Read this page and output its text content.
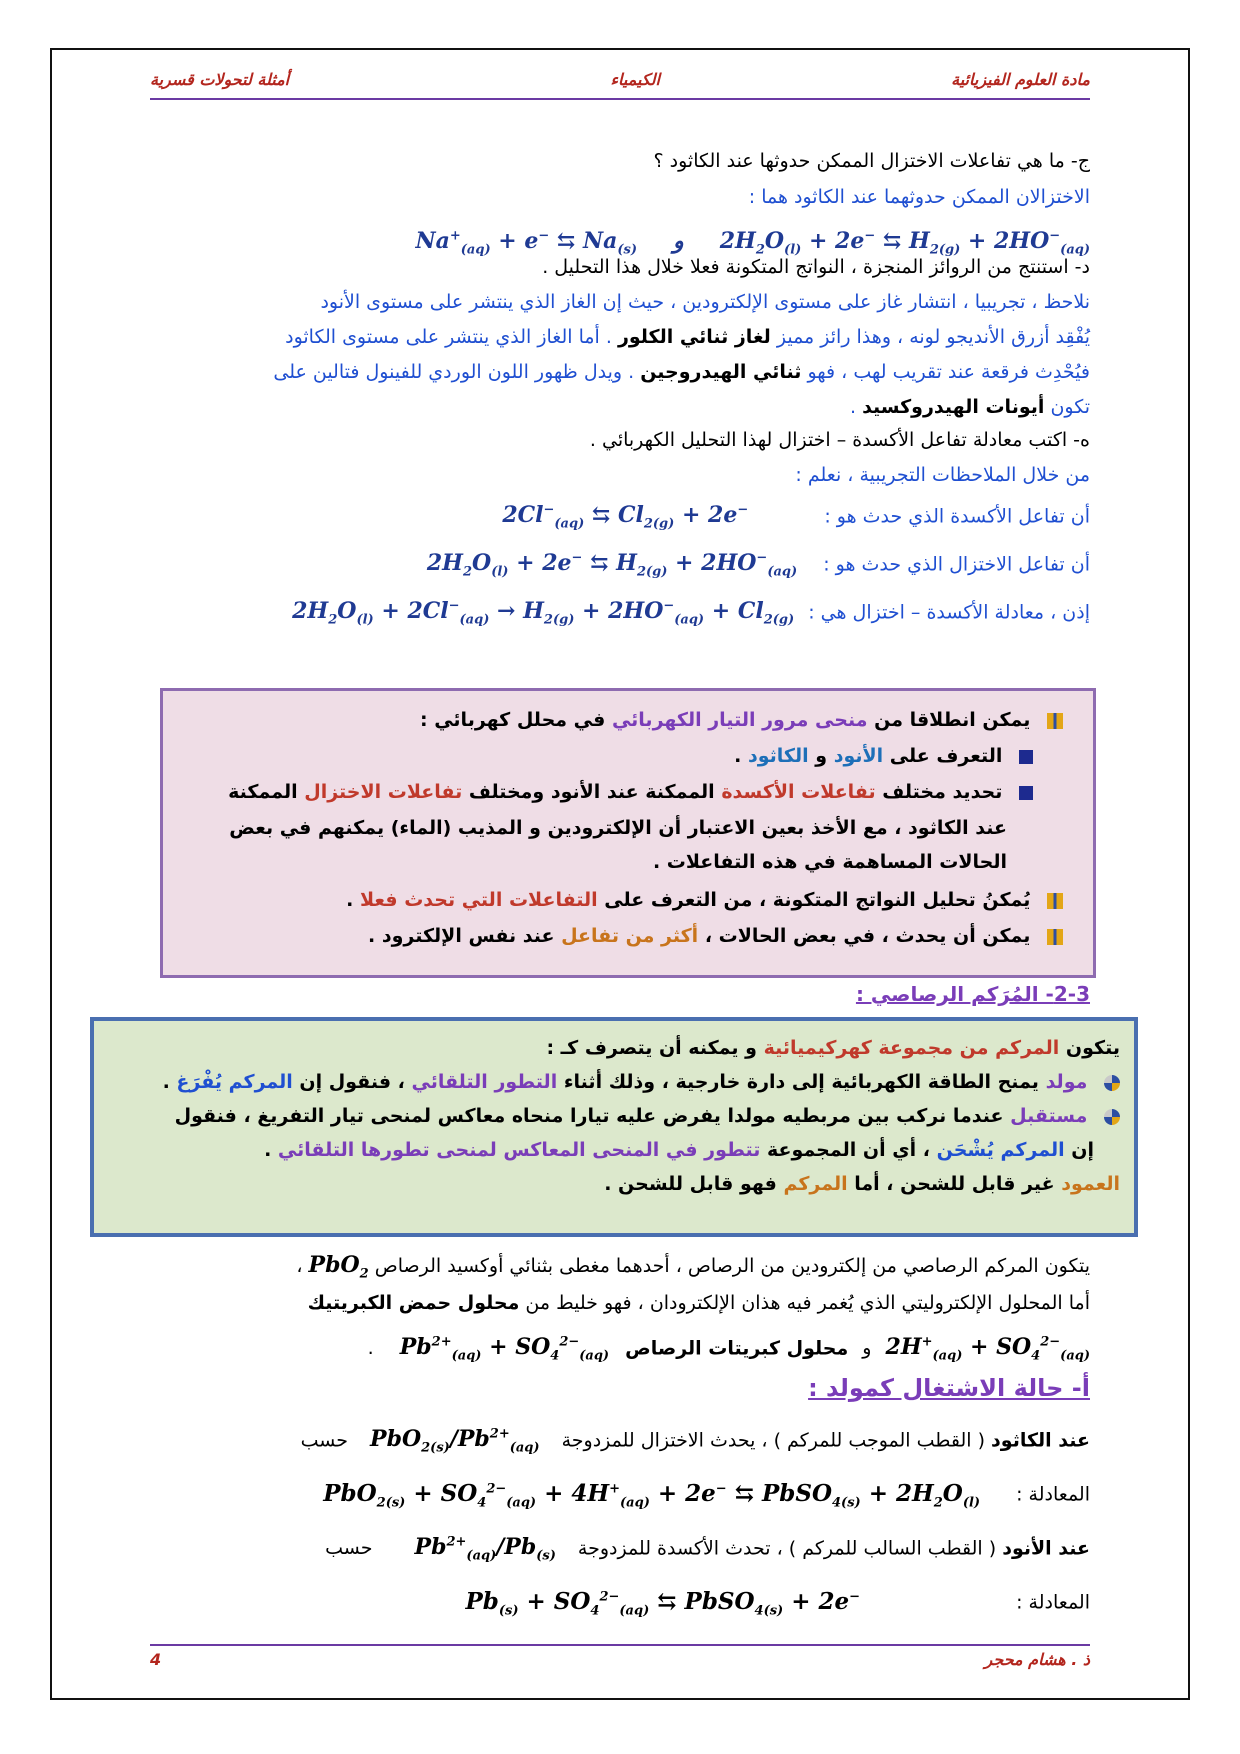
مادة العلوم الفيزيائية
الكيمياء
أمثلة لتحولات قسرية
ج- ما هي تفاعلات الاختزال الممكن حدوثها عند الكاثود ؟
الاختزالان الممكن حدوثهما عند الكاثود هما :
$2H_2O_{(l)} + 2e^-$ ⇆ $H_{2(g)} + 2HO^-_{(aq)}$ و $Na^+_{(aq)} + e^-$ ⇆ $Na_{(s)}$
د- استنتج من الروائز المنجزة ، النواتج المتكونة فعلا خلال هذا التحليل .
نلاحظ ، تجريبيا ، انتشار غاز على مستوى الإلكترودين ، حيث إن الغاز الذي ينتشر على مستوى الأنود
يُفْقِد أزرق الأنديجو لونه ، وهذا رائز مميز لغاز ثنائي الكلور . أما الغاز الذي ينتشر على مستوى الكاثود
فيُحْدِث فرقعة عند تقريب لهب ، فهو ثنائي الهيدروجين . ويدل ظهور اللون الوردي للفينول فتالين على
تكون أيونات الهيدروكسيد .
ه- اكتب معادلة تفاعل الأكسدة – اختزال لهذا التحليل الكهربائي .
من خلال الملاحظات التجريبية ، نعلم :
أن تفاعل الأكسدة الذي حدث هو : $2Cl^-_{(aq)}$ ⇆ $Cl_{2(g)} + 2e^-$
أن تفاعل الاختزال الذي حدث هو : $2H_2O_{(l)} + 2e^-$ ⇆ $H_{2(g)} + 2HO^-_{(aq)}$
إذن ، معادلة الأكسدة – اختزال هي : $2H_2O_{(l)} + 2Cl^-_{(aq)} \to H_{2(g)} + 2HO^-_{(aq)} + Cl_{2(g)}$
يمكن انطلاقا من منحى مرور التيار الكهربائي في محلل كهربائي :
التعرف على الأنود و الكاثود .
تحديد مختلف تفاعلات الأكسدة الممكنة عند الأنود ومختلف تفاعلات الاختزال الممكنة
عند الكاثود ، مع الأخذ بعين الاعتبار أن الإلكترودين و المذيب (الماء) يمكنهم في بعض
الحالات المساهمة في هذه التفاعلات .
يُمكنُ تحليل النواتج المتكونة ، من التعرف على التفاعلات التي تحدث فعلا .
يمكن أن يحدث ، في بعض الحالات ، أكثر من تفاعل عند نفس الإلكترود .
2-3- المُرَكم الرصاصي :
يتكون المركم من مجموعة كهركيميائية و يمكنه أن يتصرف كـ :
مولد يمنح الطاقة الكهربائية إلى دارة خارجية ، وذلك أثناء التطور التلقائي ، فنقول إن المركم يُفْرَغ .
مستقبل عندما نركب بين مربطيه مولدا يفرض عليه تيارا منحاه معاكس لمنحى تيار التفريغ ، فنقول
إن المركم يُشْحَن ، أي أن المجموعة تتطور في المنحى المعاكس لمنحى تطورها التلقائي .
العمود غير قابل للشحن ، أما المركم فهو قابل للشحن .
يتكون المركم الرصاصي من إلكترودين من الرصاص ، أحدهما مغطى بثنائي أوكسيد الرصاص PbO$_2$ ،
أما المحلول الإلكتروليتي الذي يُغمر فيه هذان الإلكترودان ، فهو خليط من محلول حمض الكبريتيك
$2H^+_{(aq)} + SO_4^{2-}_{(aq)}$ و محلول كبريتات الرصاص $Pb^{2+}_{(aq)} + SO_4^{2-}_{(aq)}$ .
أ- حالة الاشتغال كمولد :
عند الكاثود ( القطب الموجب للمركم ) ، يحدث الاختزال للمزدوجة $PbO_{2(s)}/Pb^{2+}_{(aq)}$ حسب
المعادلة : $PbO_{2(s)} + SO_4^{2-}_{(aq)} + 4H^+_{(aq)} + 2e^-$ ⇆ PbSO$_{4(s)}$ + $2H_2O_{(l)}$
عند الأنود ( القطب السالب للمركم ) ، تحدث الأكسدة للمزدوجة $Pb^{2+}_{(aq)}/Pb_{(s)}$ حسب
المعادلة : $Pb_{(s)} + SO_4^{2-}_{(aq)}$ ⇆ PbSO$_{4(s)}$ + 2e−
ذ . هشام محجر
4
